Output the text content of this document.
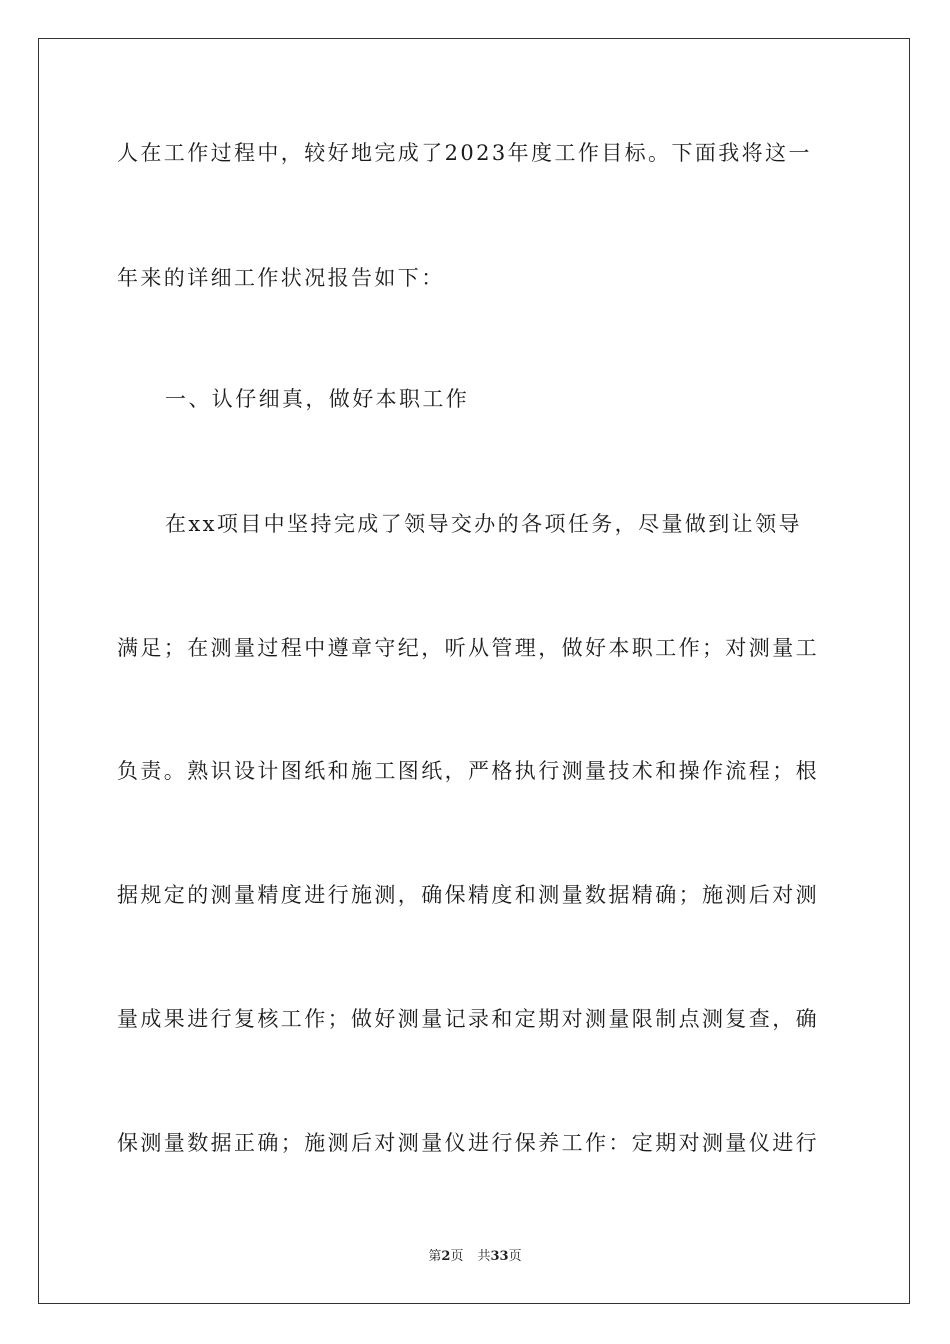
人在工作过程中，较好地完成了2023年度工作目标。下面我将这一
年来的详细工作状况报告如下：
一、认仔细真，做好本职工作
在xx项目中坚持完成了领导交办的各项任务，尽量做到让领导
满足；在测量过程中遵章守纪，听从管理，做好本职工作；对测量工
负责。熟识设计图纸和施工图纸，严格执行测量技术和操作流程；根
据规定的测量精度进行施测，确保精度和测量数据精确；施测后对测
量成果进行复核工作；做好测量记录和定期对测量限制点测复查，确
保测量数据正确；施测后对测量仪进行保养工作：定期对测量仪进行
第2页 共33页
